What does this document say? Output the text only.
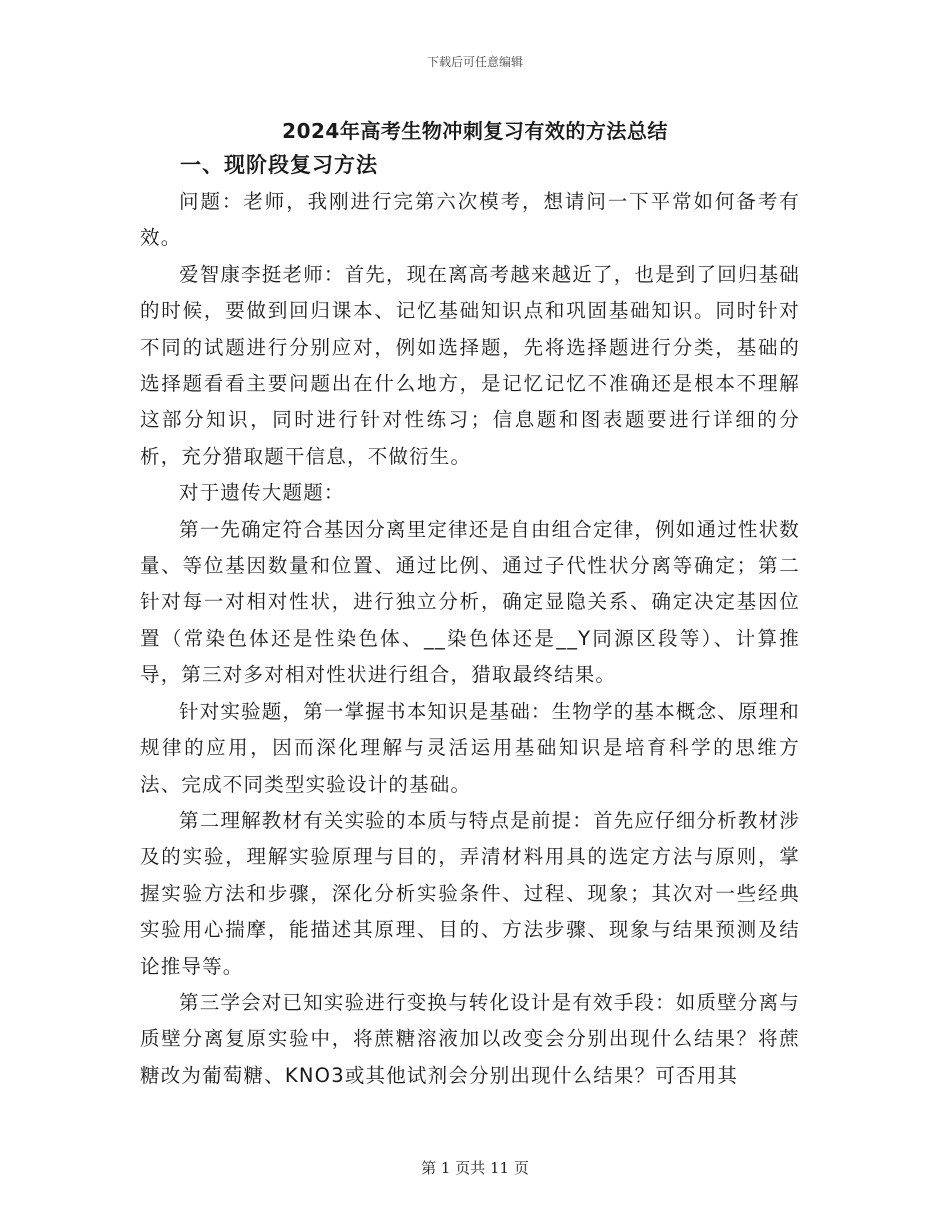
下载后可任意编辑
2024年高考生物冲刺复习有效的方法总结
一、现阶段复习方法

问题：老师，我刚进行完第六次模考，想请问一下平常如何备考有效。

爱智康李挺老师：首先，现在离高考越来越近了，也是到了回归基础的时候，要做到回归课本、记忆基础知识点和巩固基础知识。同时针对不同的试题进行分别应对，例如选择题，先将选择题进行分类，基础的选择题看看主要问题出在什么地方，是记忆记忆不准确还是根本不理解这部分知识，同时进行针对性练习；信息题和图表题要进行详细的分析，充分猎取题干信息，不做衍生。

对于遗传大题题：

第一先确定符合基因分离里定律还是自由组合定律，例如通过性状数量、等位基因数量和位置、通过比例、通过子代性状分离等确定；第二针对每一对相对性状，进行独立分析，确定显隐关系、确定决定基因位置（常染色体还是性染色体、__染色体还是__Y同源区段等）、计算推导，第三对多对相对性状进行组合，猎取最终结果。

针对实验题，第一掌握书本知识是基础：生物学的基本概念、原理和规律的应用，因而深化理解与灵活运用基础知识是培育科学的思维方法、完成不同类型实验设计的基础。

第二理解教材有关实验的本质与特点是前提：首先应仔细分析教材涉及的实验，理解实验原理与目的，弄清材料用具的选定方法与原则，掌握实验方法和步骤，深化分析实验条件、过程、现象；其次对一些经典实验用心揣摩，能描述其原理、目的、方法步骤、现象与结果预测及结论推导等。

第三学会对已知实验进行变换与转化设计是有效手段：如质壁分离与质壁分离复原实验中，将蔗糖溶液加以改变会分别出现什么结果？将蔗糖改为葡萄糖、KNO3或其他试剂会分别出现什么结果？可否用其

第 1 页共 11 页
